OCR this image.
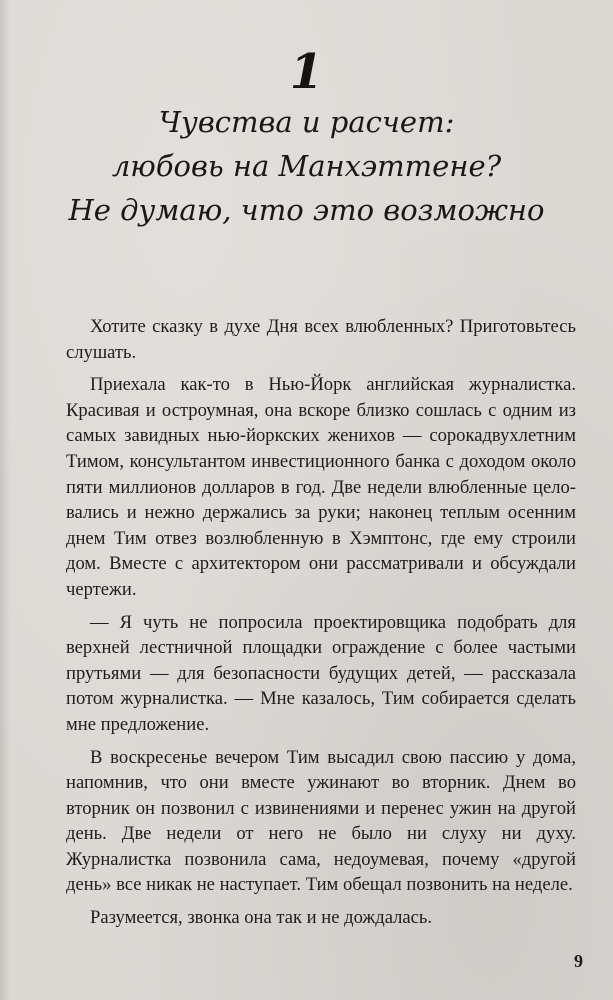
1
Чувства и расчет:
любовь на Манхэттене?
Не думаю, что это возможно

Хотите сказку в духе Дня всех влюбленных? Приготовьтесь слушать.

Приехала как-то в Нью-Йорк английская журналистка. Красивая и остроумная, она вскоре близко сошлась с одним из самых завидных нью-йоркских женихов — сорокадвухлетним Тимом, консультантом инвестиционного банка с доходом около пяти миллионов долларов в год. Две недели влюбленные целовались и нежно держались за руки; наконец теплым осенним днем Тим отвез возлюбленную в Хэмптонс, где ему строили дом. Вместе с архитектором они рассматривали и обсуждали чертежи.

— Я чуть не попросила проектировщика подобрать для верхней лестничной площадки ограждение с более частыми прутьями — для безопасности будущих детей, — рассказала потом журналистка. — Мне казалось, Тим собирается сделать мне предложение.

В воскресенье вечером Тим высадил свою пассию у дома, напомнив, что они вместе ужинают во вторник. Днем во вторник он позвонил с извинениями и перенес ужин на другой день. Две недели от него не было ни слуху ни духу. Журналистка позвонила сама, недоумевая, почему «другой день» все никак не наступает. Тим обещал позвонить на неделе.

Разумеется, звонка она так и не дождалась.

9
